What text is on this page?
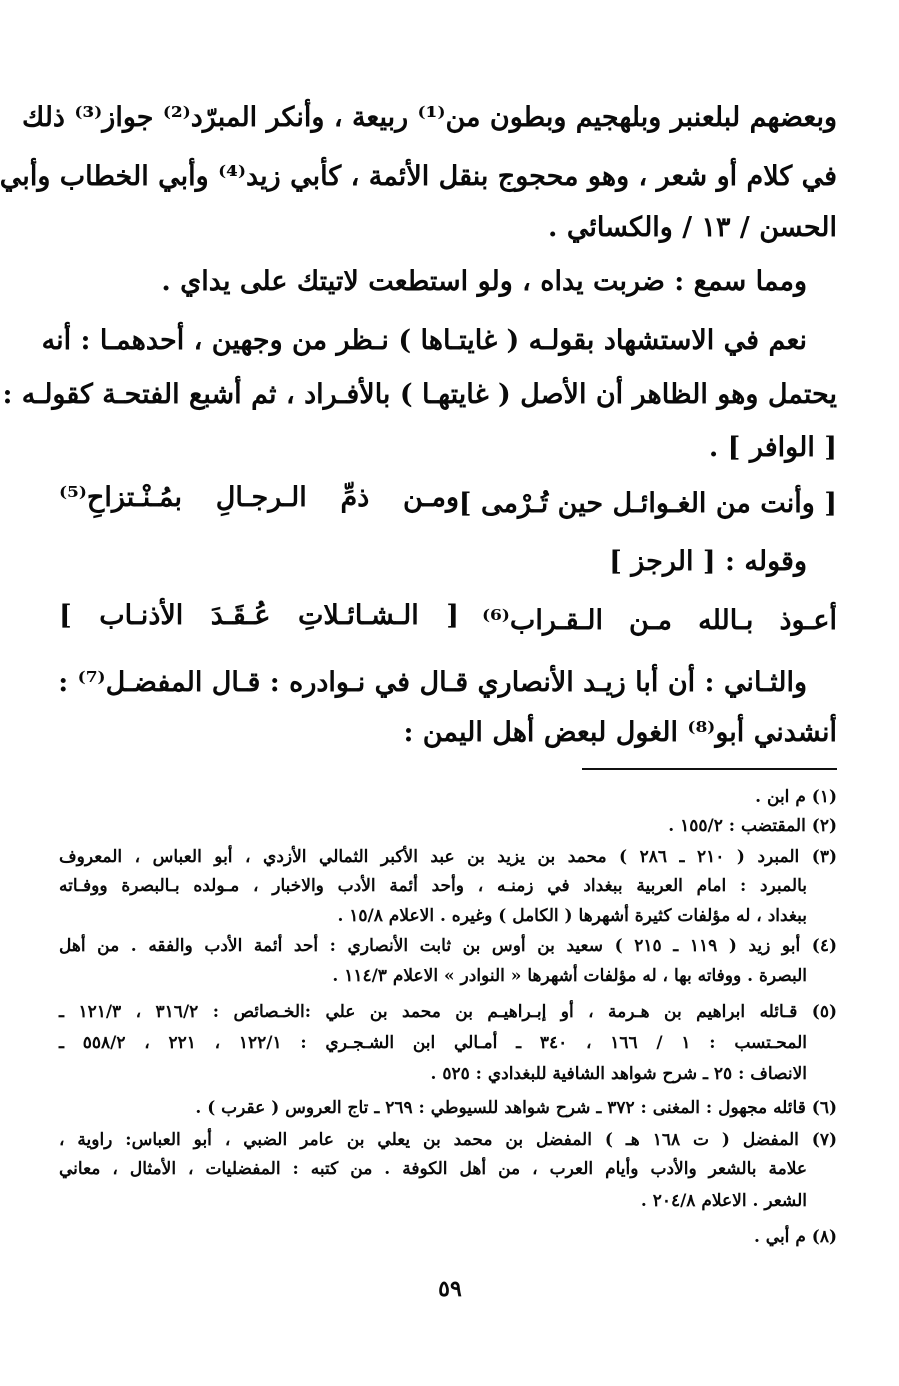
وبعضهم لبلعنبر وبلهجيم وبطون من⁽¹⁾ ربيعة ، وأنكر المبرّد⁽²⁾ جواز⁽³⁾ ذلك
في كلام أو شعر ، وهو محجوج بنقل الأئمة ، كأبي زيد⁽⁴⁾ وأبي الخطاب وأبي
الحسن / ١٣ / والكسائي .
ومما سمع : ضربت يداه ، ولو استطعت لاتيتك على يداي .
نعم في الاستشهاد بقولـه ( غايتـاها ) نـظر من وجهين ، أحدهمـا : أنه
يحتمل وهو الظاهر أن الأصل ( غايتهـا ) بالأفـراد ، ثم أشبع الفتحـة كقولـه :
[ الوافر ] .
[ وأنت من الغـوائـل حين تُـرْمى ]
ومـن ذمِّ الـرجـالِ بمُـنْـتزاحِ⁽⁵⁾
وقوله : [ الرجز ]
أعـوذ بـالله مـن الـقـراب⁽⁶⁾
[ الـشـائـلاتِ عُـقَـدَ الأذنـاب ]
والثـاني : أن أبا زيـد الأنصاري قـال في نـوادره : قـال المفضـل⁽⁷⁾ :
أنشدني أبو⁽⁸⁾ الغول لبعض أهل اليمن :
(١) م ابن .
(٢) المقتضب : ١٥٥/٢ .
(٣) المبرد ( ٢١٠ ـ ٢٨٦ ) محمد بن يزيد بن عبد الأكبر الثمالي الأزدي ، أبو العباس ، المعروف
بالمبرد : امام العربية ببغداد في زمنـه ، وأحد أئمة الأدب والاخبار ، مـولده بـالبصرة ووفـاته
ببغداد ، له مؤلفات كثيرة أشهرها ( الكامل ) وغيره . الاعلام ١٥/٨ .
(٤) أبو زيد ( ١١٩ ـ ٢١٥ ) سعيد بن أوس بن ثابت الأنصاري : أحد أئمة الأدب والفقه . من أهل
البصرة . ووفاته بها ، له مؤلفات أشهرها « النوادر » الاعلام ١١٤/٣ .
(٥) قـائله ابراهيم بن هـرمة ، أو إبـراهيـم بن محمد بن علي :الخـصائص : ٣١٦/٢ ، ١٢١/٣ ـ
المحـتسب : ١ / ١٦٦ ، ٣٤٠ ـ أمـالي ابن الشـجـري : ١٢٢/١ ، ٢٢١ ، ٥٥٨/٢ ـ
الانصاف : ٢٥ ـ شرح شواهد الشافية للبغدادي : ٥٢٥ .
(٦) قائله مجهول : المغنى : ٣٧٢ ـ شرح شواهد للسيوطي : ٢٦٩ ـ تاج العروس ( عقرب ) .
(٧) المفضل ( ت ١٦٨ هـ ) المفضل بن محمد بن يعلي بن عامر الضبي ، أبو العباس: راوية ،
علامة بالشعر والأدب وأيام العرب ، من أهل الكوفة . من كتبه : المفضليات ، الأمثال ، معاني
الشعر . الاعلام ٢٠٤/٨ .
(٨) م أبي .
٥٩
